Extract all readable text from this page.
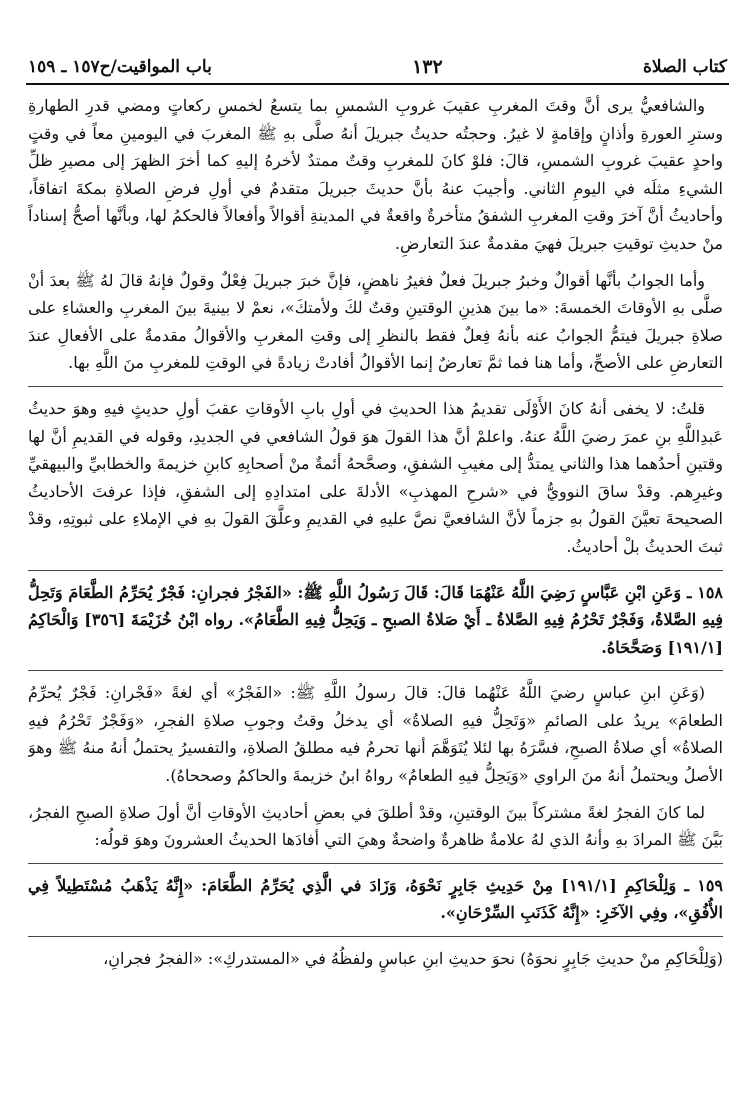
كتاب الصلاة
١٣٢
باب المواقيت/ح١٥٧ ـ ١٥٩

والشافعيُّ يرى أنَّ وقتَ المغربِ عقيبَ غروبِ الشمسِ بما يتسعُ لخمسِ ركعاتٍ ومضي قدرِ الطهارةِ وسترِ العورةِ وأذانٍ وإقامةٍ لا غيرُ. وحجتُه حديثُ جبريلَ أنهُ صلَّى بهِ ﷺ المغربَ في اليومينِ معاً في وقتٍ واحدٍ عقيبَ غروبِ الشمسِ، قالَ: فلوْ كانَ للمغربِ وقتٌ ممتدٌ لأخرهُ إليهِ كما أخرَ الظهرَ إلى مصيرِ ظلِّ الشيءِ مثلَه في اليومِ الثاني. وأجيبَ عنهُ بأنَّ حديثَ جبريلَ متقدمٌ في أولِ فرضِ الصلاةِ بمكةَ اتفاقاً، وأحاديثُ أنَّ آخرَ وقتِ المغربِ الشفقُ متأخرةٌ واقعةٌ في المدينةِ أقوالاً وأفعالاً فالحكمُ لها، وبأنَّها أصحُّ إسناداً منْ حديثِ توقيتِ جبريلَ فهيَ مقدمةٌ عندَ التعارضِ.

وأما الجوابُ بأنَّها أقوالٌ وخبرُ جبريلَ فعلٌ فغيرُ ناهضٍ، فإنَّ خبرَ جبريلَ فِعْلٌ وقولٌ فإنهُ قالَ لهُ ﷺ بعدَ أنْ صلَّى بهِ الأوقاتَ الخمسةَ: «ما بينَ هذينِ الوقتينِ وقتٌ لكَ ولأمتكَ»، نعمْ لا بينيةَ بينَ المغربِ والعشاءِ على صلاةِ جبريلَ فيتمُّ الجوابُ عنه بأنهُ فِعلٌ فقط بالنظرِ إلى وقتِ المغربِ والأقوالُ مقدمةٌ على الأفعالِ عندَ التعارضِ على الأصحِّ، وأما هنا فما ثمَّ تعارضٌ إنما الأقوالُ أفادتْ زيادةً في الوقتِ للمغربِ منَ اللَّهِ بها.

قلتُ: لا يخفى أنهُ كانَ الأَوْلَى تقديمُ هذا الحديثِ في أولِ بابِ الأوقاتِ عقبَ أولِ حديثٍ فيهِ وهوَ حديثُ عَبدِاللَّهِ بنِ عمرَ رضيَ اللَّهُ عنهُ. واعلمْ أنَّ هذا القولَ هوَ قولُ الشافعي في الجديدِ، وقوله في القديمِ أنَّ لها وقتينِ أحدُهما هذا والثاني يمتدُّ إلى مغيبِ الشفقِ، وصحَّحهُ أئمةٌ منْ أصحابِهِ كابنِ خزيمةَ والخطابيِّ والبيهقيِّ وغيرِهم. وقدْ ساقَ النوويُّ في «شرحِ المهذبِ» الأدلةَ على امتدادِهِ إلى الشفقِ، فإذا عرفتَ الأحاديثُ الصحيحةَ تعيَّنَ القولُ بهِ جزماً لأنَّ الشافعيَّ نصَّ عليهِ في القديمِ وعلَّقَ القولَ بهِ في الإملاءِ على ثبوتِهِ، وقدْ ثبتَ الحديثُ بلْ أحاديثُ.

١٥٨ ـ وَعَنِ ابْنِ عَبَّاسٍ رَضِيَ اللَّهُ عَنْهُمَا قَالَ: قَالَ رَسُولُ اللَّهِ ﷺ: «الفَجْرُ فجرانِ: فَجْرٌ يُحَرِّمُ الطَّعَامَ وَتَحِلُّ فِيهِ الصَّلاةُ، وَفَجْرٌ تَحْرُمُ فِيهِ الصَّلاةُ ـ أَيْ صَلاةُ الصبحِ ـ وَيَحِلُّ فِيهِ الطَّعَامُ». رواه ابْنُ خُزَيْمَةَ [٣٥٦] وَالْحَاكِمُ [١٩١/١] وَصَحَّحَاهُ.

(وَعَنِ ابنِ عباسٍ رضيَ اللَّهُ عَنْهُما قالَ: قالَ رسولُ اللَّهِ ﷺ: «الفَجْرُ» أي لغةً «فَجْرانِ: فَجْرٌ يُحرِّمُ الطعامَ» يريدُ على الصائمِ «وَتَحِلُّ فيهِ الصلاةُ» أي يدخلُ وقتُ وجوبِ صلاةِ الفجرِ، «وَفَجْرٌ تَحْرُمُ فيهِ الصلاةُ» أي صلاةُ الصبحِ، فسَّرَهُ بها لئلا يُتَوَهَّمَ أنها تحرمُ فيه مطلقُ الصلاةِ، والتفسيرُ يحتملُ أنهُ منهُ ﷺ وهوَ الأصلُ ويحتملُ أنهُ منَ الراوي «وَيَحِلُّ فيهِ الطعامُ» رواهُ ابنُ خزيمةَ والحاكمُ وصححاهُ).

لما كانَ الفجرُ لغةً مشتركاً بينَ الوقتينِ، وقدْ أطلقَ في بعضِ أحاديثِ الأوقاتِ أنَّ أولَ صلاةِ الصبحِ الفجرُ، بَيَّنَ ﷺ المرادَ بهِ وأنهُ الذي لهُ علامةٌ ظاهرةٌ واضحةٌ وهيَ التي أفادَها الحديثُ العشرونَ وهوَ قولُه:

١٥٩ ـ وَلِلْحَاكِمِ [١٩١/١] مِنْ حَدِيثِ جَابِرٍ نَحْوَهُ، وَزَادَ في الَّذِي يُحَرِّمُ الطَّعَامَ: «إِنَّهُ يَذْهَبُ مُسْتَطِيلاً فِي الأُفُقِ»، وفِي الآخَرِ: «إِنَّهُ كَذَنَبِ السِّرْحَانِ».

(وَلِلْحَاكِمِ منْ حديثِ جَابِرٍ نحوَهُ) نحوَ حديثِ ابنِ عباسٍ ولفظُهُ في «المستدركِ»: «الفجرُ فجرانِ،
